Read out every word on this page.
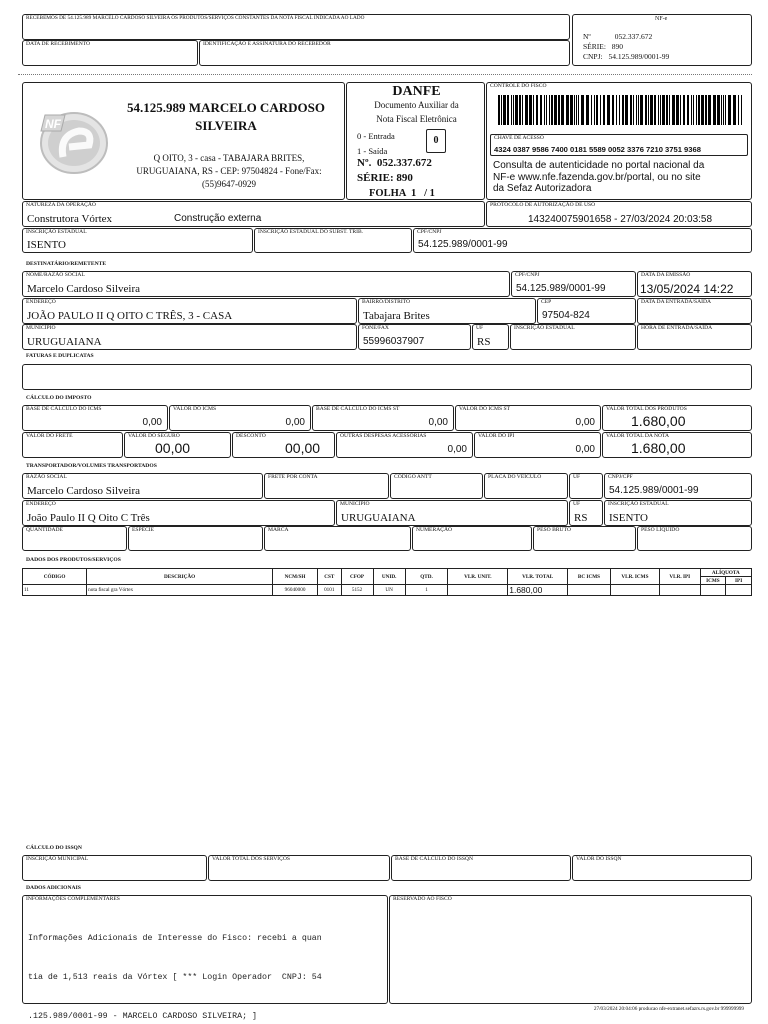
RECEBEMOS DE 54.125.989 MARCELO CARDOSO SILVEIRA OS PRODUTOS/SERVIÇOS CONSTANTES DA NOTA FISCAL INDICADA AO LADO
DATA DE RECEBIMENTO	IDENTIFICAÇÃO E ASSINATURA DO RECEBEDOR
NF-e
Nº	052.337.672
SÉRIE: 890
CNPJ: 54.125.989/0001-99
NF
54.125.989 MARCELO CARDOSO SILVEIRA
Q OITO, 3 - casa - TABAJARA BRITES,
URUGUAIANA, RS - CEP: 97504824 - Fone/Fax:
(55)9647-0929
DANFE
Documento Auxiliar da
Nota Fiscal Eletrônica
0 - Entrada
1 - Saída
0
Nº.  052.337.672
SÉRIE: 890
FOLHA  1   / 1
CONTROLE DO FISCO
CHAVE DE ACESSO
4324 0387 9586 7400 0181 5589 0052 3376 7210 3751 9368
Consulta de autenticidade no portal nacional da
NF-e www.nfe.fazenda.gov.br/portal, ou no site
da Sefaz Autorizadora
NATUREZA DA OPERAÇÃO
Construtora Vórtex	Construção externa
PROTOCOLO DE AUTORIZAÇÃO DE USO
143240075901658 - 27/03/2024 20:03:58
INSCRIÇÃO ESTADUAL
ISENTO
INSCRIÇÃO ESTADUAL DO SUBST. TRIB.	CPF/CNPJ
54.125.989/0001-99
DESTINATÁRIO/REMETENTE
NOME/RAZÃO SOCIAL
Marcelo Cardoso Silveira
CPF/CNPJ
54.125.989/0001-99
DATA DA EMISSÃO
13/05/2024 14:22
ENDEREÇO
JOÃO PAULO II Q OITO C TRÊS, 3 - CASA
BAIRRO/DISTRITO
Tabajara Brites
CEP
97504-824
DATA DA ENTRADA/SAÍDA
MUNICÍPIO
URUGUAIANA
FONE/FAX
55996037907
UF
RS
INSCRIÇÃO ESTADUAL	HORA DE ENTRADA/SAÍDA
FATURAS E DUPLICATAS
CÁLCULO DO IMPOSTO
BASE DE CÁLCULO DO ICMS
0,00
VALOR DO ICMS
0,00
BASE DE CÁLCULO DO ICMS ST
0,00
VALOR DO ICMS ST
0,00
VALOR TOTAL DOS PRODUTOS
1.680,00
VALOR DO FRETE	VALOR DO SEGURO
00,00
DESCONTO
00,00
OUTRAS DESPESAS ACESSÓRIAS
0,00
VALOR DO IPI
0,00
VALOR TOTAL DA NOTA
1.680,00
TRANSPORTADOR/VOLUMES TRANSPORTADOS
RAZÃO SOCIAL
Marcelo Cardoso Silveira
FRETE POR CONTA	CÓDIGO ANTT	PLACA DO VEÍCULO	UF	CNPJ/CPF
54.125.989/0001-99
ENDEREÇO
João Paulo II Q Oito C Três
MUNICÍPIO
URUGUAIANA
UF
RS
INSCRIÇÃO ESTADUAL
ISENTO
QUANTIDADE	ESPÉCIE	MARCA	NUMERAÇÃO	PESO BRUTO	PESO LÍQUIDO
DADOS DOS PRODUTOS/SERVIÇOS
CÓDIGO	DESCRIÇÃO	NCM/SH	CST	CFOP	UNID.	QTD.	VLR. UNIT.	VLR. TOTAL	BC ICMS	VLR. ICMS	VLR. IPI	ALÍQUOTA	
												ICMS	IPI
11	nota fiscal gra Vórtex	96040000	0101	5152	UN	1		1.680,00					
CÁLCULO DO ISSQN
INSCRIÇÃO MUNICIPAL	VALOR TOTAL DOS SERVIÇOS	BASE DE CÁLCULO DO ISSQN	VALOR DO ISSQN
DADOS ADICIONAIS
INFORMAÇÕES COMPLEMENTARES

Informações Adicionais de Interesse do Fisco: recebi a quan

tia de 1,513 reais da Vórtex [ *** Login Operador  CNPJ: 54

.125.989/0001-99 - MARCELO CARDOSO SILVEIRA; ]

RESERVADO AO FISCO
27/03/2024 20:04:06 producao nfe-extranet.sefazrs.rs.gov.br 999999999
